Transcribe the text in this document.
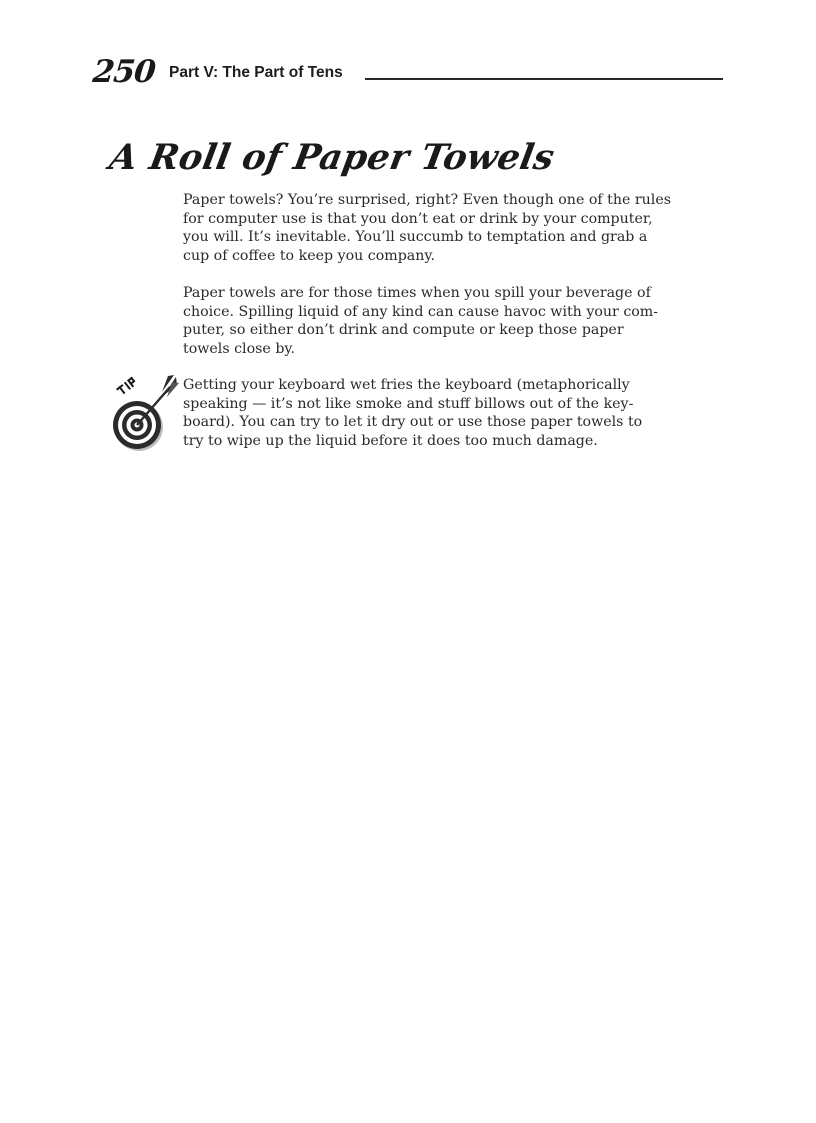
250 Part V: The Part of Tens
A Roll of Paper Towels
Paper towels? You’re surprised, right? Even though one of the rules
for computer use is that you don’t eat or drink by your computer,
you will. It’s inevitable. You’ll succumb to temptation and grab a
cup of coffee to keep you company.
Paper towels are for those times when you spill your beverage of
choice. Spilling liquid of any kind can cause havoc with your com-
puter, so either don’t drink and compute or keep those paper
towels close by.
Getting your keyboard wet fries the keyboard (metaphorically
speaking — it’s not like smoke and stuff billows out of the key-
board). You can try to let it dry out or use those paper towels to
try to wipe up the liquid before it does too much damage.
